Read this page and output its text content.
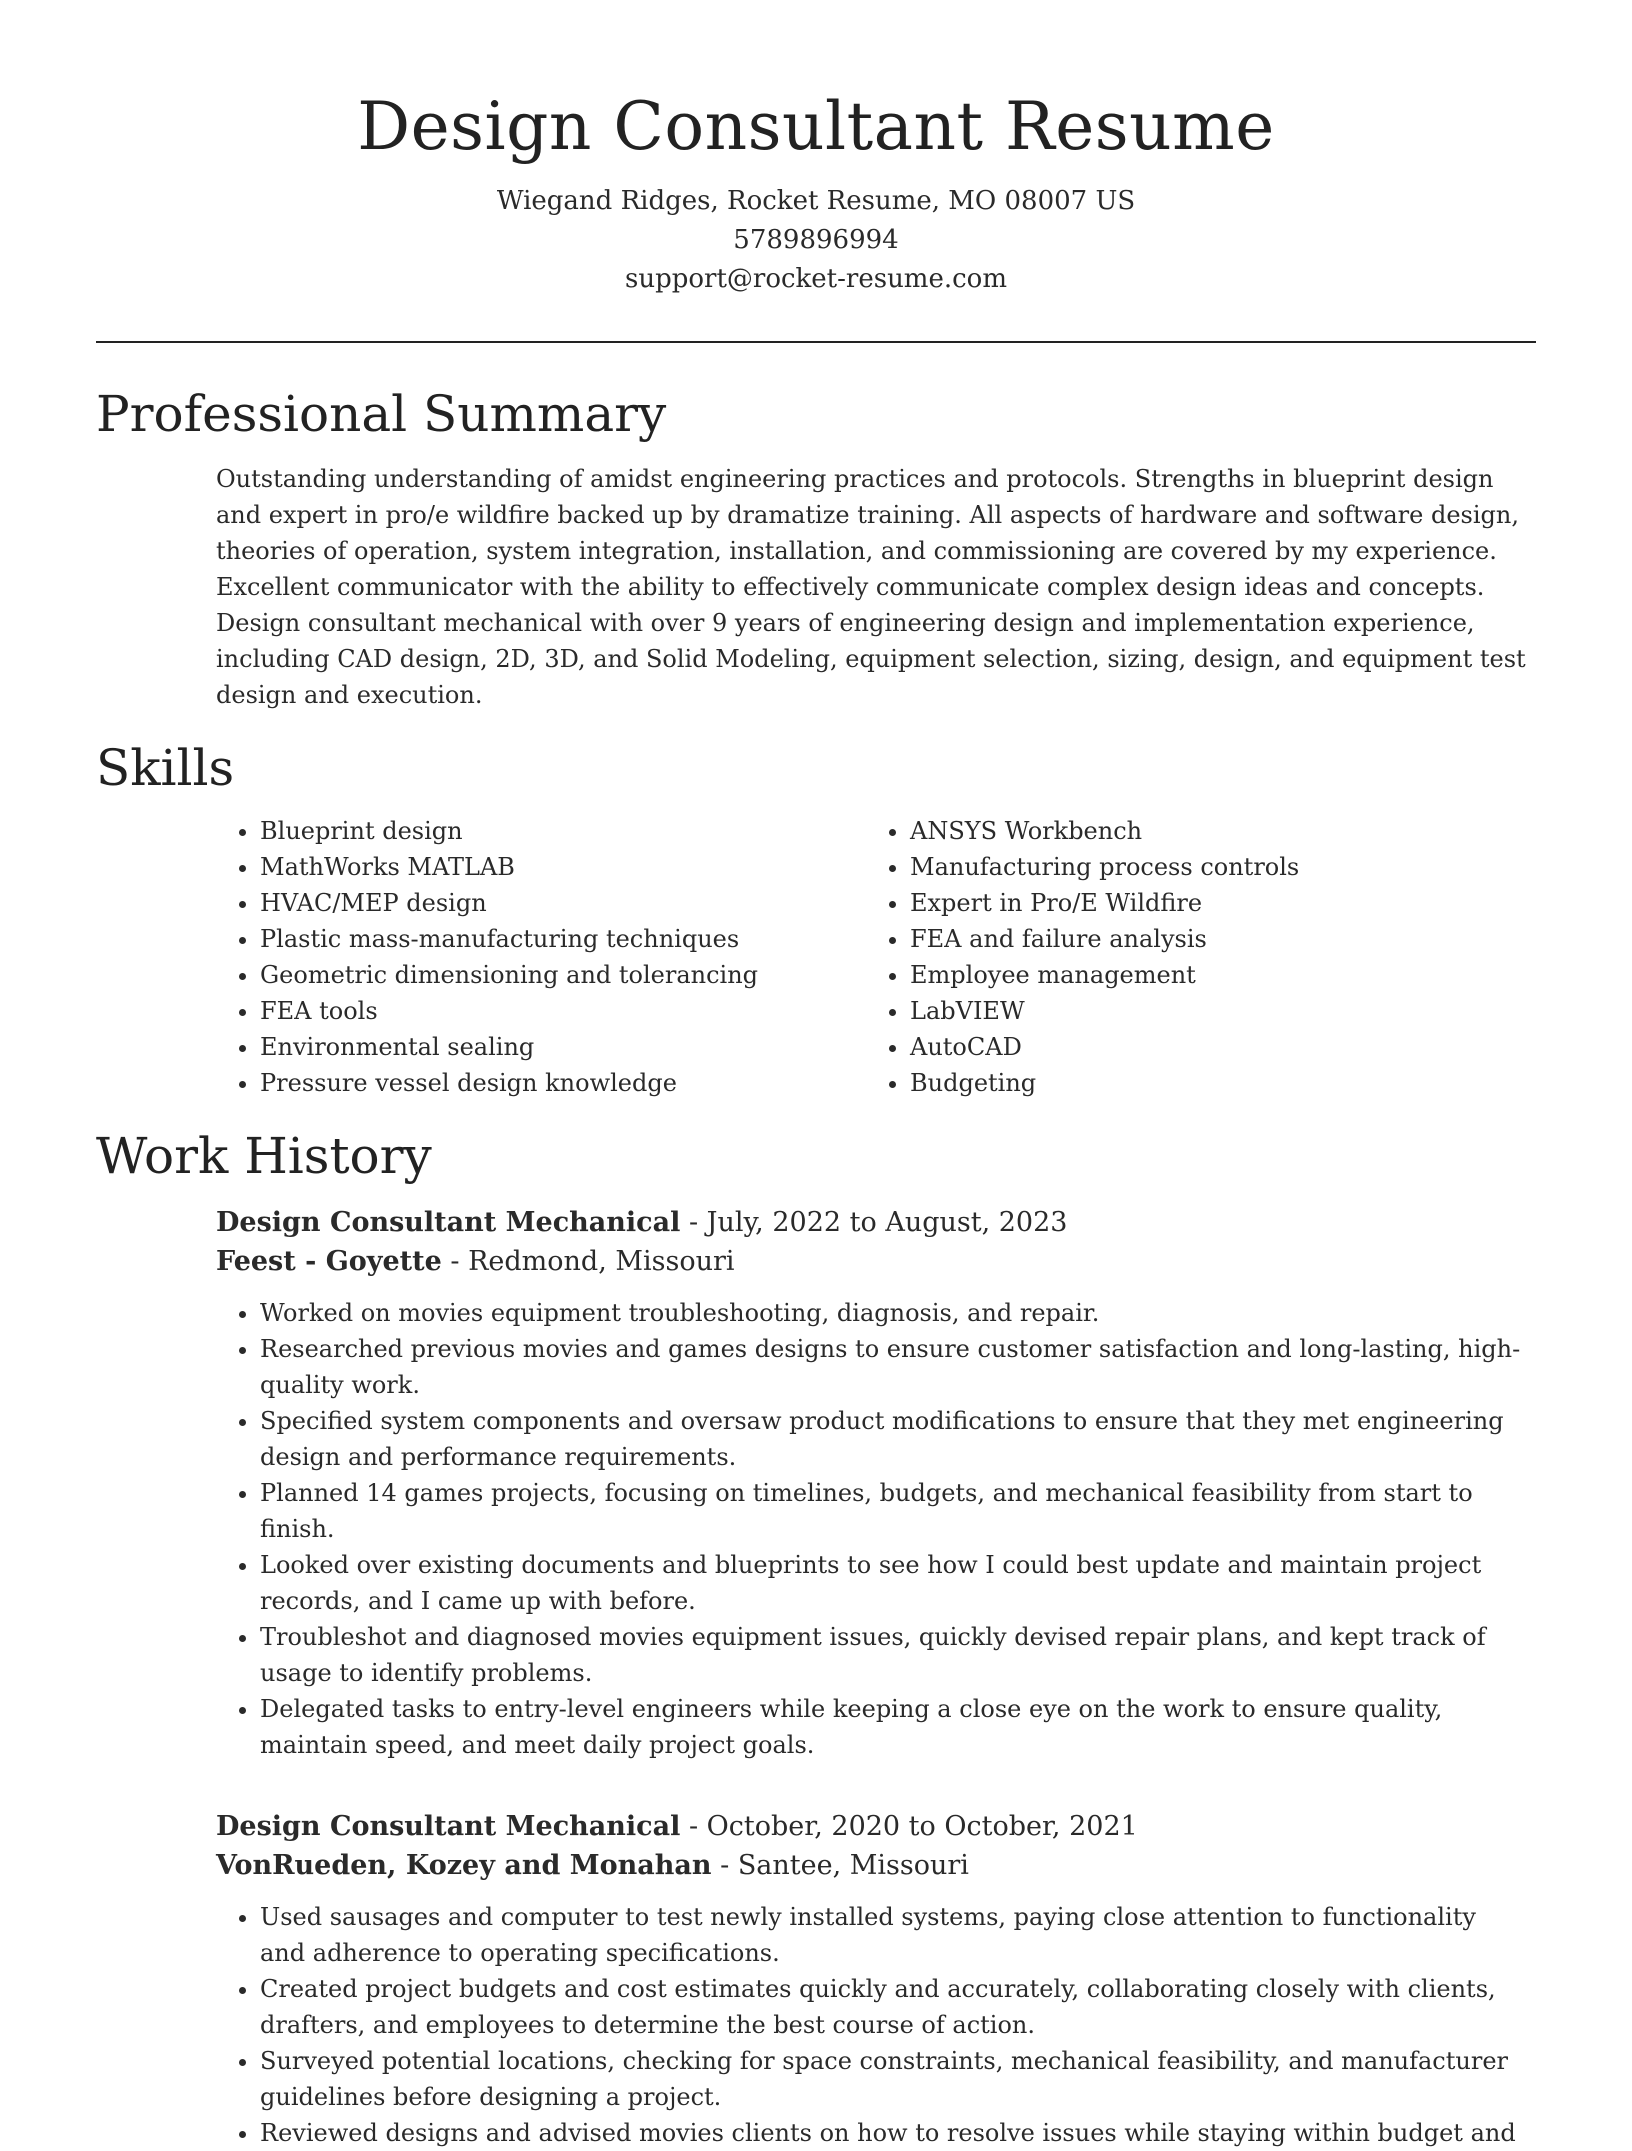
Design Consultant Resume
Wiegand Ridges, Rocket Resume, MO 08007 US
5789896994
support@rocket-resume.com
Professional Summary

Outstanding understanding of amidst engineering practices and protocols. Strengths in blueprint design and expert in pro/e wildfire backed up by dramatize training. All aspects of hardware and software design, theories of operation, system integration, installation, and commissioning are covered by my experience. Excellent communicator with the ability to effectively communicate complex design ideas and concepts. Design consultant mechanical with over 9 years of engineering design and implementation experience, including CAD design, 2D, 3D, and Solid Modeling, equipment selection, sizing, design, and equipment test design and execution.

Skills
• Blueprint design
• MathWorks MATLAB
• HVAC/MEP design
• Plastic mass-manufacturing techniques
• Geometric dimensioning and tolerancing
• FEA tools
• Environmental sealing
• Pressure vessel design knowledge
• ANSYS Workbench
• Manufacturing process controls
• Expert in Pro/E Wildfire
• FEA and failure analysis
• Employee management
• LabVIEW
• AutoCAD
• Budgeting
Work History
Design Consultant Mechanical - July, 2022 to August, 2023
Feest - Goyette - Redmond, Missouri
• Worked on movies equipment troubleshooting, diagnosis, and repair.
• Researched previous movies and games designs to ensure customer satisfaction and long-lasting, high-quality work.
• Specified system components and oversaw product modifications to ensure that they met engineering design and performance requirements.
• Planned 14 games projects, focusing on timelines, budgets, and mechanical feasibility from start to finish.
• Looked over existing documents and blueprints to see how I could best update and maintain project records, and I came up with before.
• Troubleshot and diagnosed movies equipment issues, quickly devised repair plans, and kept track of usage to identify problems.
• Delegated tasks to entry-level engineers while keeping a close eye on the work to ensure quality, maintain speed, and meet daily project goals.
Design Consultant Mechanical - October, 2020 to October, 2021
VonRueden, Kozey and Monahan - Santee, Missouri
• Used sausages and computer to test newly installed systems, paying close attention to functionality and adherence to operating specifications.
• Created project budgets and cost estimates quickly and accurately, collaborating closely with clients, drafters, and employees to determine the best course of action.
• Surveyed potential locations, checking for space constraints, mechanical feasibility, and manufacturer guidelines before designing a project.
• Reviewed designs and advised movies clients on how to resolve issues while staying within budget and
